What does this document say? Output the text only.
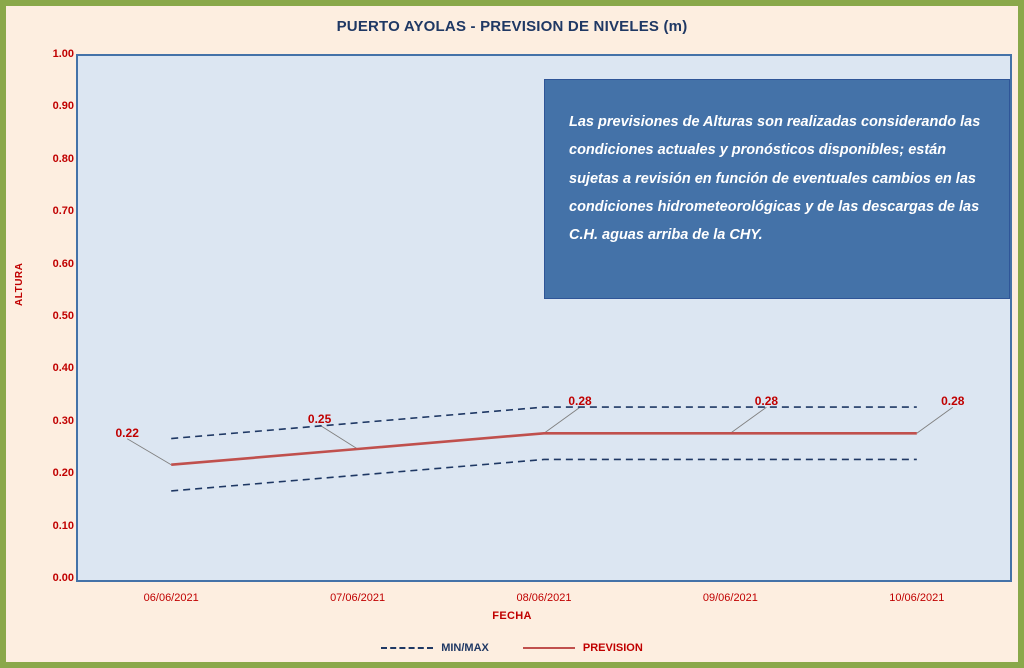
PUERTO AYOLAS - PREVISION DE NIVELES (m)
ALTURA
0.00
0.10
0.20
0.30
0.40
0.50
0.60
0.70
0.80
0.90
1.00
Las previsiones de Alturas son realizadas considerando las condiciones actuales y pronósticos disponibles; están sujetas a revisión en función de eventuales cambios en las condiciones hidrometeorológicas y de las descargas de las C.H. aguas arriba de la CHY.
06/06/2021	07/06/2021	08/06/2021	09/06/2021	10/06/2021
FECHA
0.22
0.25
0.28	0.28	0.28
MIN/MAX	PREVISION
